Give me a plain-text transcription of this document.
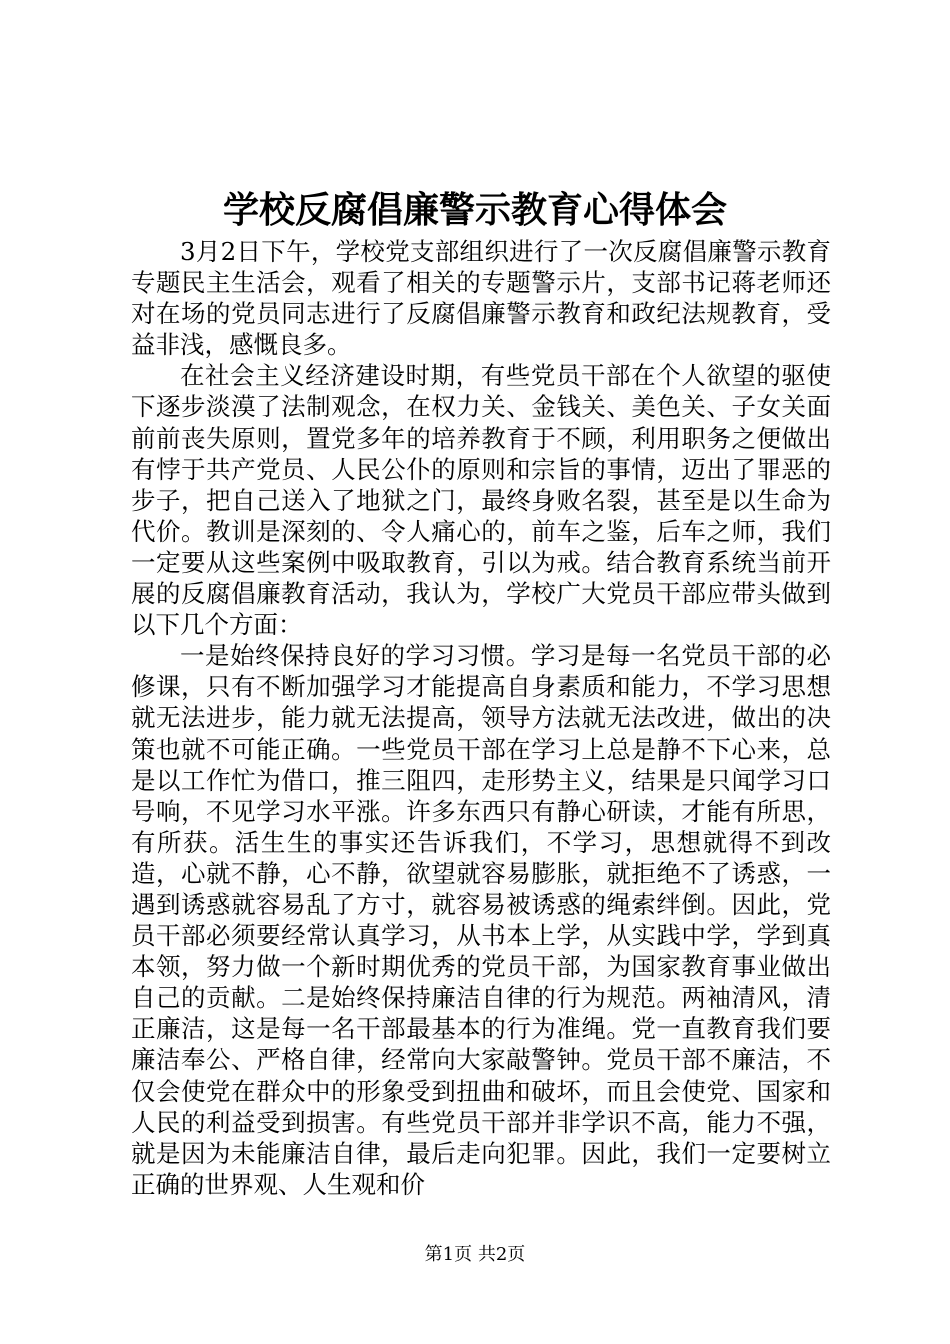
学校反腐倡廉警示教育心得体会

3月2日下午，学校党支部组织进行了一次反腐倡廉警示教育专题民主生活会，观看了相关的专题警示片，支部书记蒋老师还对在场的党员同志进行了反腐倡廉警示教育和政纪法规教育，受益非浅，感慨良多。

在社会主义经济建设时期，有些党员干部在个人欲望的驱使下逐步淡漠了法制观念，在权力关、金钱关、美色关、子女关面前前丧失原则，置党多年的培养教育于不顾，利用职务之便做出有悖于共产党员、人民公仆的原则和宗旨的事情，迈出了罪恶的步子，把自己送入了地狱之门，最终身败名裂，甚至是以生命为代价。教训是深刻的、令人痛心的，前车之鉴，后车之师，我们一定要从这些案例中吸取教育，引以为戒。结合教育系统当前开展的反腐倡廉教育活动，我认为，学校广大党员干部应带头做到以下几个方面：

一是始终保持良好的学习习惯。学习是每一名党员干部的必修课，只有不断加强学习才能提高自身素质和能力，不学习思想就无法进步，能力就无法提高，领导方法就无法改进，做出的决策也就不可能正确。一些党员干部在学习上总是静不下心来，总是以工作忙为借口，推三阻四，走形势主义，结果是只闻学习口号响，不见学习水平涨。许多东西只有静心研读，才能有所思，有所获。活生生的事实还告诉我们，不学习，思想就得不到改造，心就不静，心不静，欲望就容易膨胀，就拒绝不了诱惑，一遇到诱惑就容易乱了方寸，就容易被诱惑的绳索绊倒。因此，党员干部必须要经常认真学习，从书本上学，从实践中学，学到真本领，努力做一个新时期优秀的党员干部，为国家教育事业做出自己的贡献。二是始终保持廉洁自律的行为规范。两袖清风，清正廉洁，这是每一名干部最基本的行为准绳。党一直教育我们要廉洁奉公、严格自律，经常向大家敲警钟。党员干部不廉洁，不仅会使党在群众中的形象受到扭曲和破坏，而且会使党、国家和人民的利益受到损害。有些党员干部并非学识不高，能力不强，就是因为未能廉洁自律，最后走向犯罪。因此，我们一定要树立正确的世界观、人生观和价

第1页 共2页
